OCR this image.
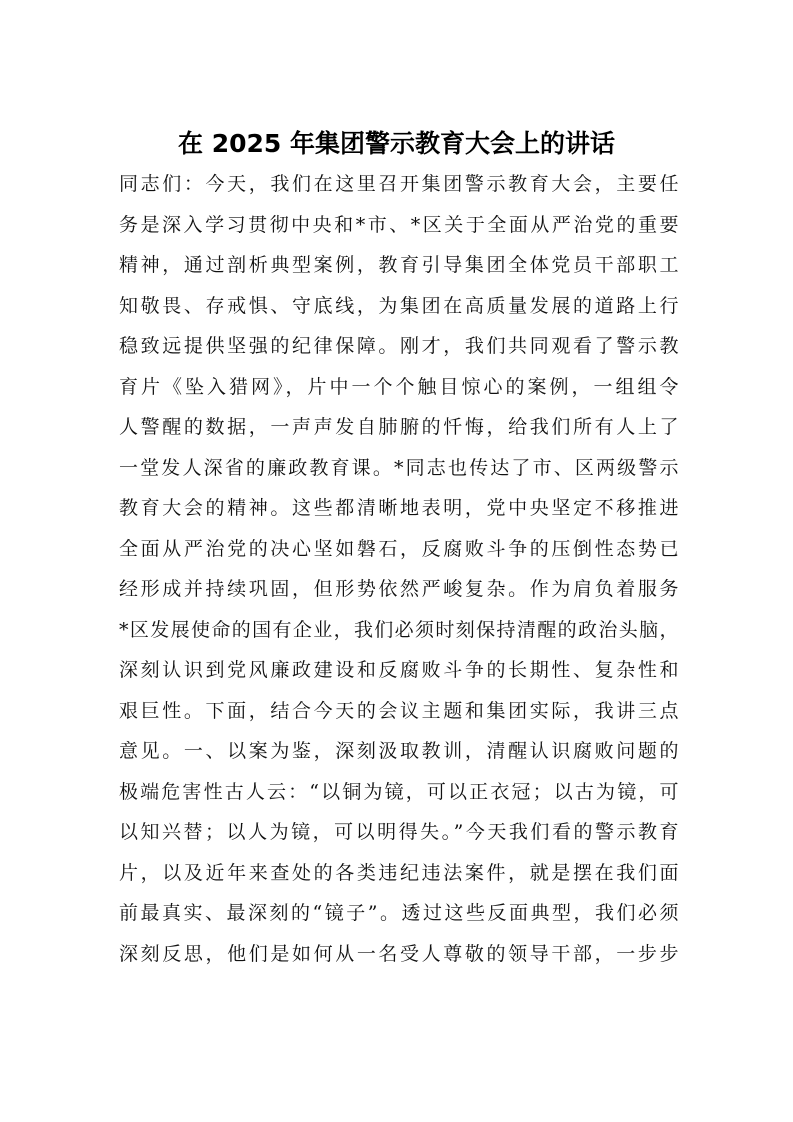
在 2025 年集团警示教育大会上的讲话
同志们：今天，我们在这里召开集团警示教育大会，主要任
务是深入学习贯彻中央和*市、*区关于全面从严治党的重要
精神，通过剖析典型案例，教育引导集团全体党员干部职工
知敬畏、存戒惧、守底线，为集团在高质量发展的道路上行
稳致远提供坚强的纪律保障。刚才，我们共同观看了警示教
育片《坠入猎网》，片中一个个触目惊心的案例，一组组令
人警醒的数据，一声声发自肺腑的忏悔，给我们所有人上了
一堂发人深省的廉政教育课。*同志也传达了市、区两级警示
教育大会的精神。这些都清晰地表明，党中央坚定不移推进
全面从严治党的决心坚如磐石，反腐败斗争的压倒性态势已
经形成并持续巩固，但形势依然严峻复杂。作为肩负着服务
*区发展使命的国有企业，我们必须时刻保持清醒的政治头脑，
深刻认识到党风廉政建设和反腐败斗争的长期性、复杂性和
艰巨性。下面，结合今天的会议主题和集团实际，我讲三点
意见。一、以案为鉴，深刻汲取教训，清醒认识腐败问题的
极端危害性古人云：“以铜为镜，可以正衣冠；以古为镜，可
以知兴替；以人为镜，可以明得失。”今天我们看的警示教育
片，以及近年来查处的各类违纪违法案件，就是摆在我们面
前最真实、最深刻的“镜子”。透过这些反面典型，我们必须
深刻反思，他们是如何从一名受人尊敬的领导干部，一步步
